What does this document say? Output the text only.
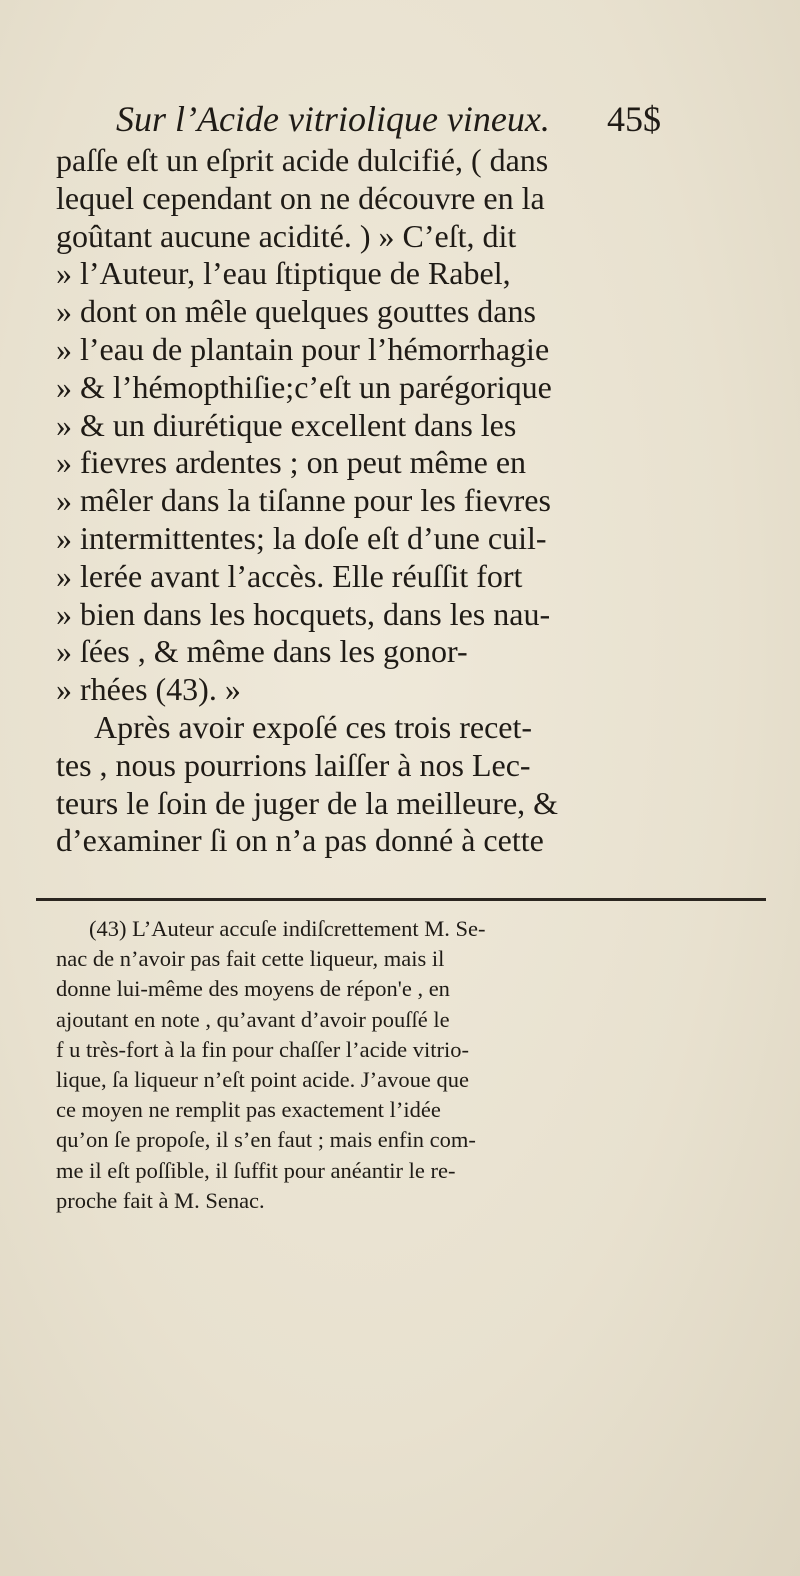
Sur l’Acide vitriolique vineux. 45$
paſſe eſt un eſprit acide dulcifié, ( dans
lequel cependant on ne découvre en la
goûtant aucune acidité. ) » C’eſt, dit
» l’Auteur, l’eau ſtiptique de Rabel,
» dont on mêle quelques gouttes dans
» l’eau de plantain pour l’hémorrhagie
» & l’hémopthiſie;c’eſt un parégorique
» & un diurétique excellent dans les
» fievres ardentes ; on peut même en
» mêler dans la tiſanne pour les fievres
» intermittentes; la doſe eſt d’une cuil-
» lerée avant l’accès. Elle réuſſit fort
» bien dans les hocquets, dans les nau-
» ſées , & même dans les gonor-
» rhées (43). »
Après avoir expoſé ces trois recet-
tes , nous pourrions laiſſer à nos Lec-
teurs le ſoin de juger de la meilleure, &
d’examiner ſi on n’a pas donné à cette
(43) L’Auteur accuſe indiſcrettement M. Se-
nac de n’avoir pas fait cette liqueur, mais il
donne lui-même des moyens de répon'e , en
ajoutant en note , qu’avant d’avoir pouſſé le
f u très-fort à la fin pour chaſſer l’acide vitrio-
lique, ſa liqueur n’eſt point acide. J’avoue que
ce moyen ne remplit pas exactement l’idée
qu’on ſe propoſe, il s’en faut ; mais enfin com-
me il eſt poſſible, il ſuffit pour anéantir le re-
proche fait à M. Senac.
